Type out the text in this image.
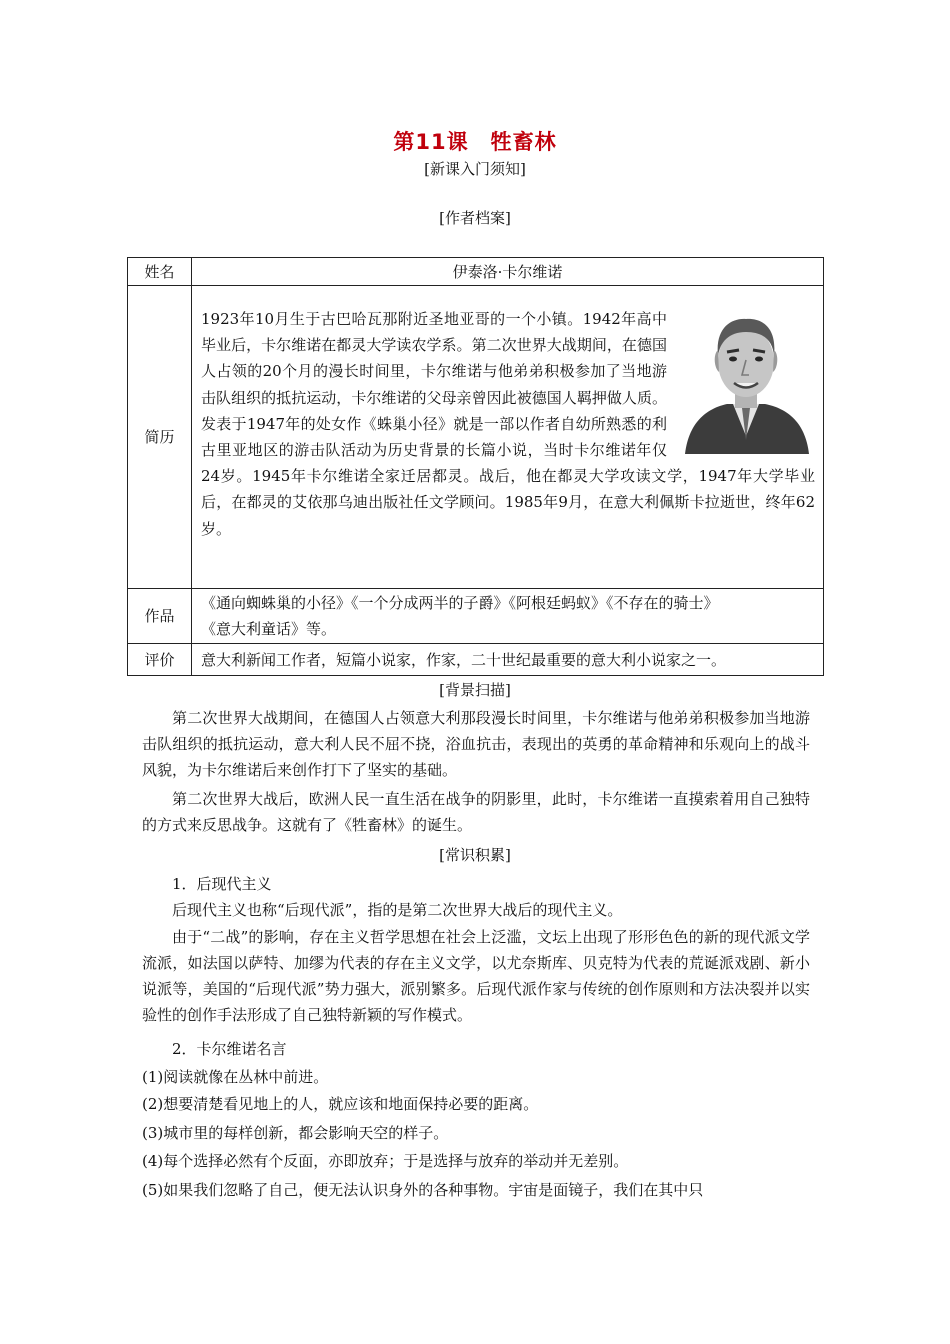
第11课　牲畜林
[新课入门须知]
[作者档案]
姓名	伊泰洛·卡尔维诺
简历	1923年10月生于古巴哈瓦那附近圣地亚哥的一个小镇。1942年高中毕业后，卡尔维诺在都灵大学读农学系。第二次世界大战期间，在德国人占领的20个月的漫长时间里，卡尔维诺与他弟弟积极参加了当地游击队组织的抵抗运动，卡尔维诺的父母亲曾因此被德国人羁押做人质。发表于1947年的处女作《蛛巢小径》就是一部以作者自幼所熟悉的利古里亚地区的游击队活动为历史背景的长篇小说，当时卡尔维诺年仅24岁。1945年卡尔维诺全家迁居都灵。战后，他在都灵大学攻读文学，1947年大学毕业后，在都灵的艾依那乌迪出版社任文学顾问。1985年9月，在意大利佩斯卡拉逝世，终年62岁。

作品	《通向蜘蛛巢的小径》《一个分成两半的子爵》《阿根廷蚂蚁》《不存在的骑士》
《意大利童话》等。

评价	意大利新闻工作者，短篇小说家，作家，二十世纪最重要的意大利小说家之一。
[背景扫描]
第二次世界大战期间，在德国人占领意大利那段漫长时间里，卡尔维诺与他弟弟积极参加当地游击队组织的抵抗运动，意大利人民不屈不挠，浴血抗击，表现出的英勇的革命精神和乐观向上的战斗风貌，为卡尔维诺后来创作打下了坚实的基础。
第二次世界大战后，欧洲人民一直生活在战争的阴影里，此时，卡尔维诺一直摸索着用自己独特的方式来反思战争。这就有了《牲畜林》的诞生。
[常识积累]
1．后现代主义
后现代主义也称“后现代派”，指的是第二次世界大战后的现代主义。
由于“二战”的影响，存在主义哲学思想在社会上泛滥，文坛上出现了形形色色的新的现代派文学流派，如法国以萨特、加缪为代表的存在主义文学，以尤奈斯库、贝克特为代表的荒诞派戏剧、新小说派等，美国的“后现代派”势力强大，派别繁多。后现代派作家与传统的创作原则和方法决裂并以实验性的创作手法形成了自己独特新颖的写作模式。
2．卡尔维诺名言
(1)阅读就像在丛林中前进。
(2)想要清楚看见地上的人，就应该和地面保持必要的距离。
(3)城市里的每样创新，都会影响天空的样子。
(4)每个选择必然有个反面，亦即放弃；于是选择与放弃的举动并无差别。
(5)如果我们忽略了自己，便无法认识身外的各种事物。宇宙是面镜子，我们在其中只
